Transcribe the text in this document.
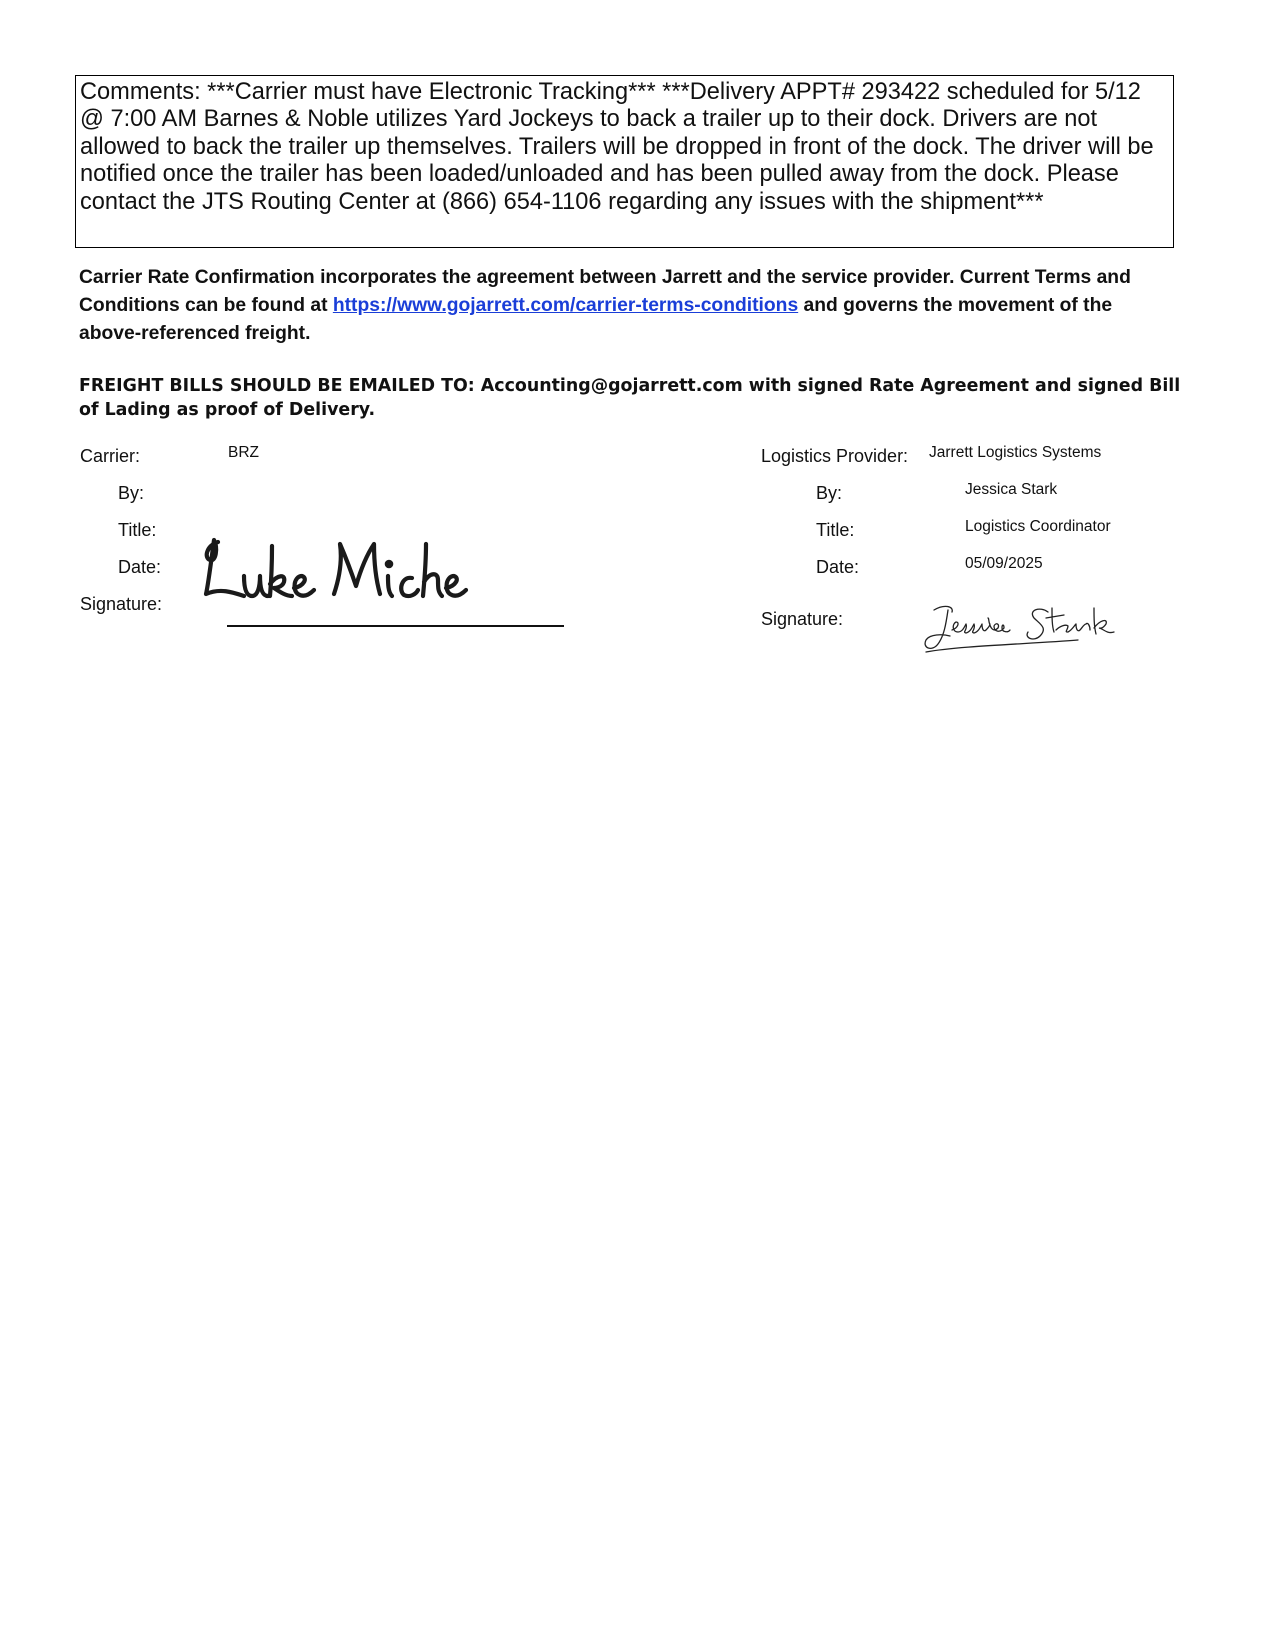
Comments: ***Carrier must have Electronic Tracking*** ***Delivery APPT# 293422 scheduled for 5/12 @ 7:00 AM Barnes & Noble utilizes Yard Jockeys to back a trailer up to their dock. Drivers are not allowed to back the trailer up themselves. Trailers will be dropped in front of the dock. The driver will be notified once the trailer has been loaded/unloaded and has been pulled away from the dock. Please contact the JTS Routing Center at (866) 654-1106 regarding any issues with the shipment***
Carrier Rate Confirmation incorporates the agreement between Jarrett and the service provider. Current Terms and Conditions can be found at https://www.gojarrett.com/carrier-terms-conditions and governs the movement of the above-referenced freight.
FREIGHT BILLS SHOULD BE EMAILED TO: Accounting@gojarrett.com with signed Rate Agreement and signed Bill of Lading as proof of Delivery.
Carrier:	BRZ
By:
Title:
Date:
Signature:
Logistics Provider: Jarrett Logistics Systems
By:	Jessica Stark
Title:	Logistics Coordinator
Date:	05/09/2025
Signature:
